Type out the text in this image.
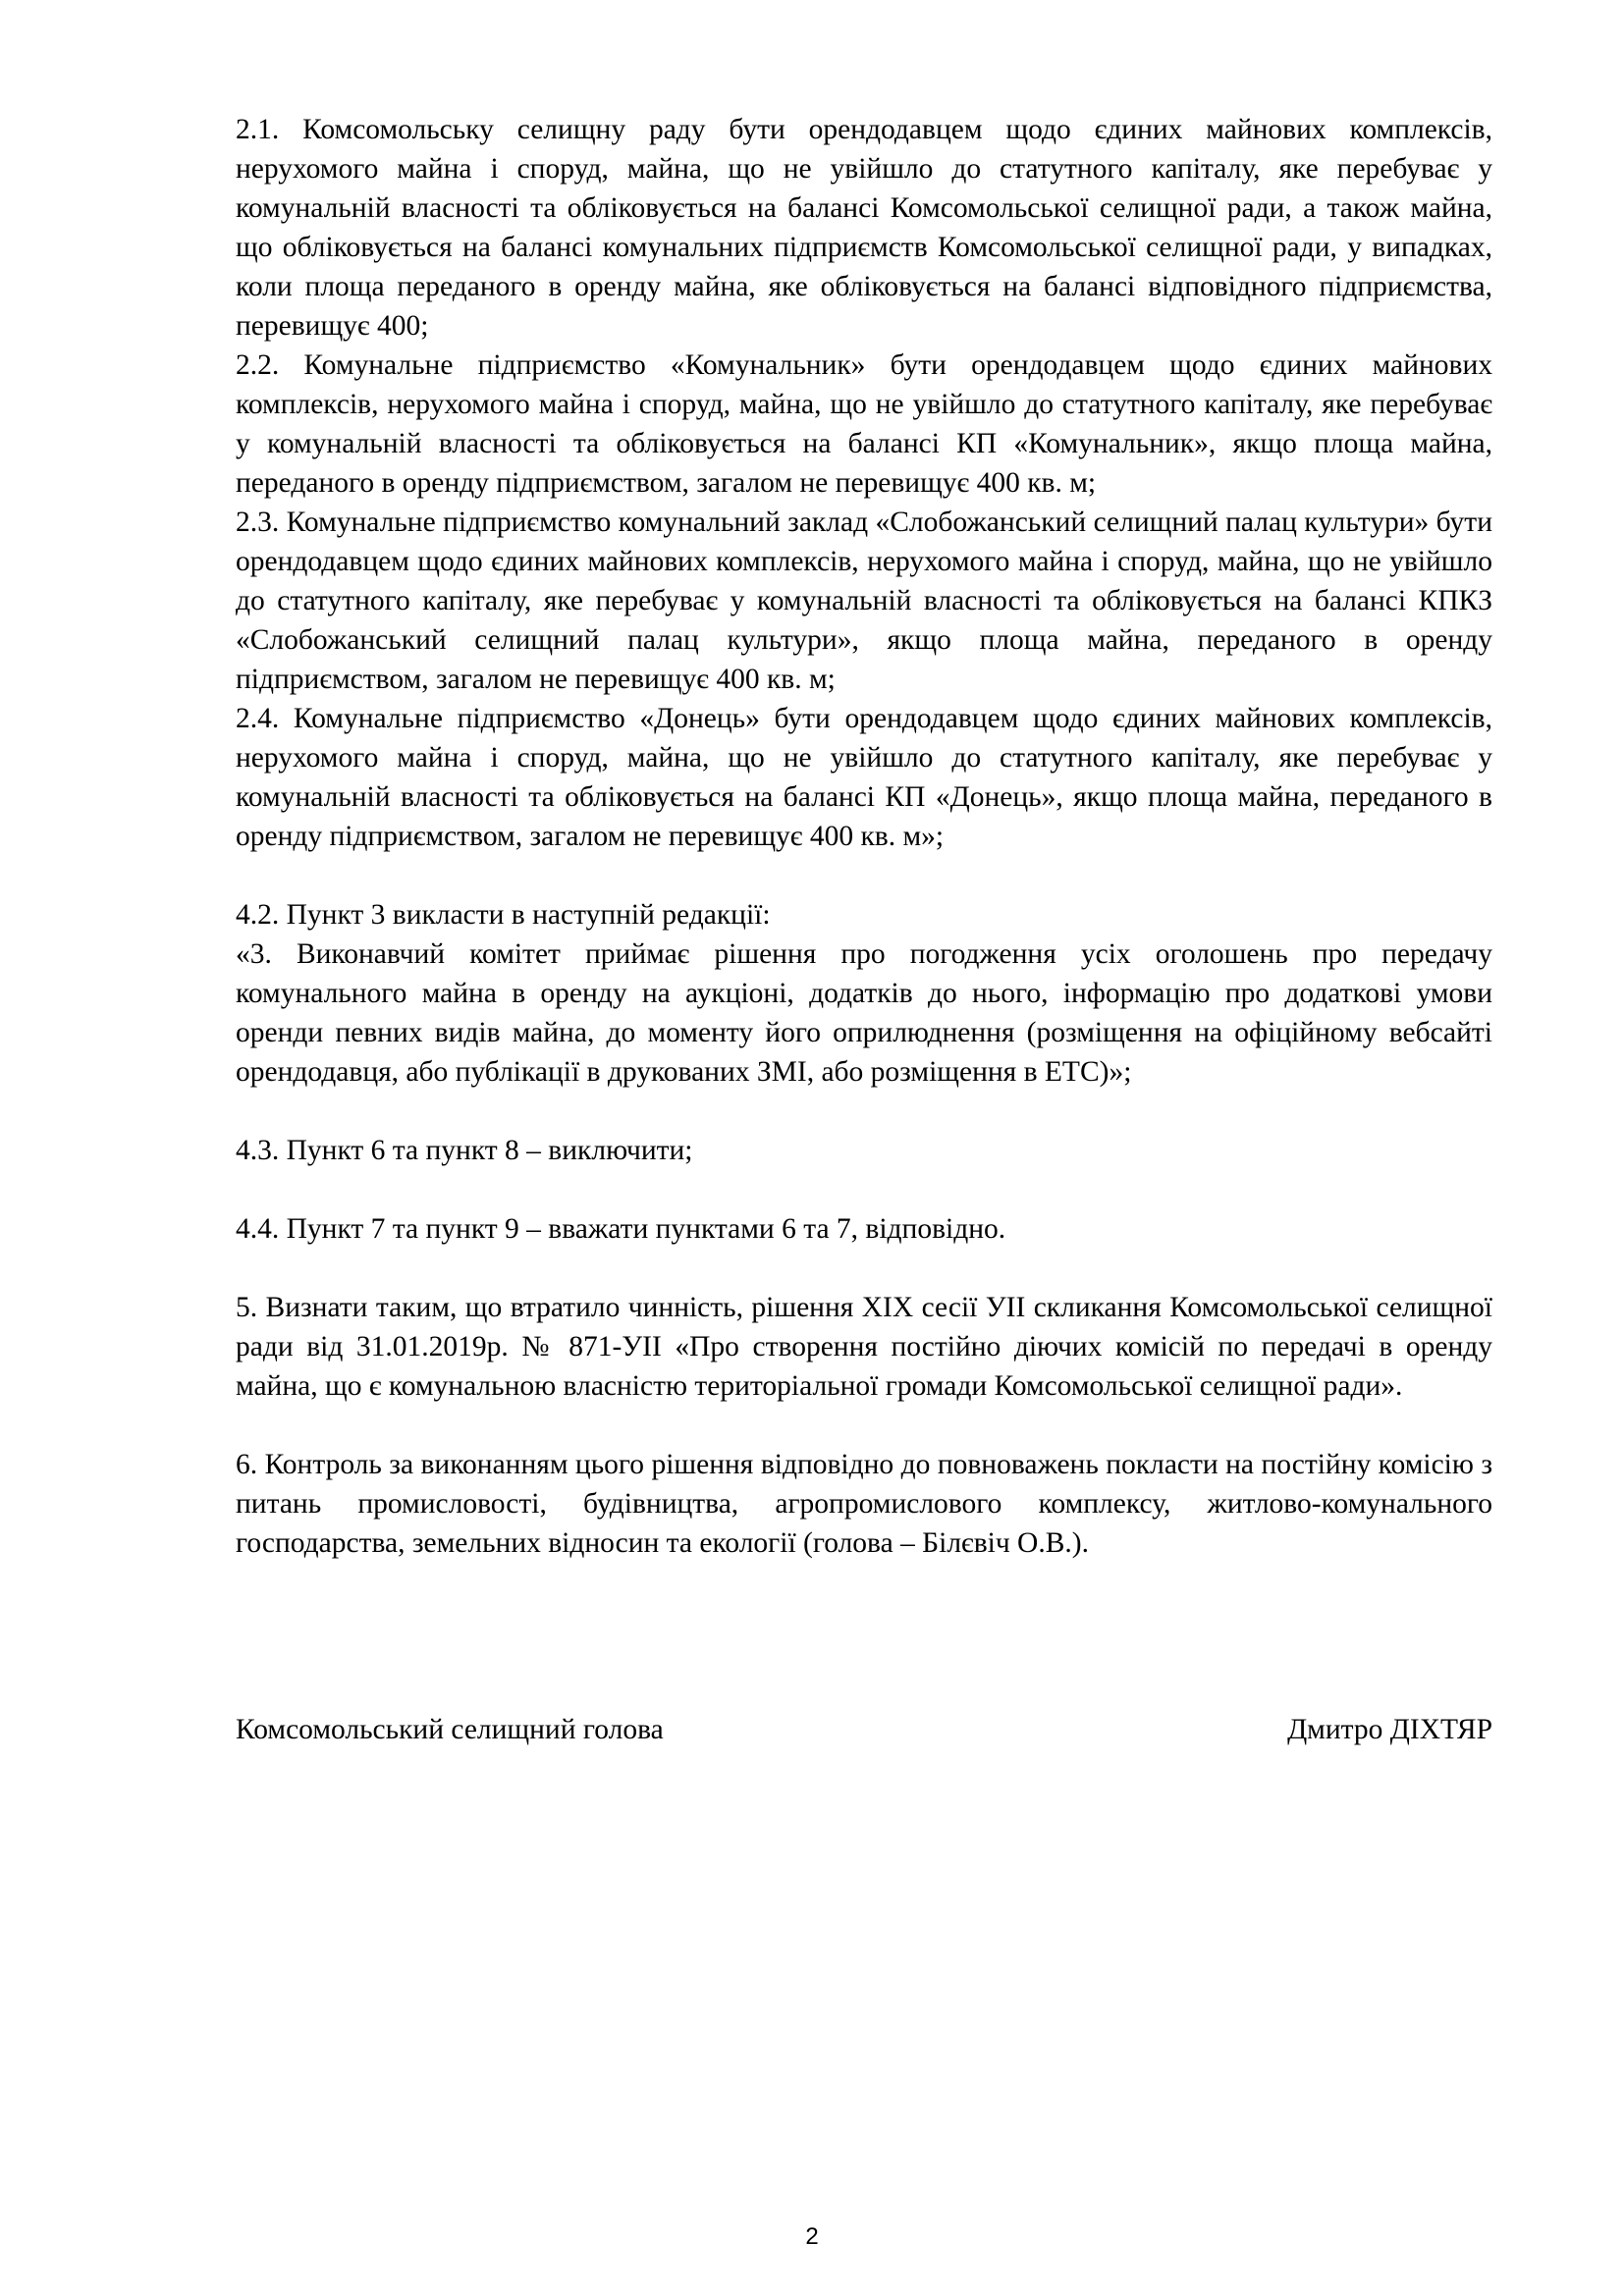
2.1. Комсомольську селищну раду бути орендодавцем щодо єдиних майнових комплексів, нерухомого майна і споруд, майна, що не увійшло до статутного капіталу, яке перебуває у комунальній власності та обліковується на балансі Комсомольської селищної ради, а також майна, що обліковується на балансі комунальних підприємств Комсомольської селищної ради, у випадках, коли площа переданого в оренду майна, яке обліковується на балансі відповідного підприємства, перевищує 400;

2.2. Комунальне підприємство «Комунальник» бути орендодавцем щодо єдиних майнових комплексів, нерухомого майна і споруд, майна, що не увійшло до статутного капіталу, яке перебуває у комунальній власності та обліковується на балансі КП «Комунальник», якщо площа майна, переданого в оренду підприємством, загалом не перевищує 400 кв. м;

2.3. Комунальне підприємство комунальний заклад «Слобожанський селищний палац культури» бути орендодавцем щодо єдиних майнових комплексів, нерухомого майна і споруд, майна, що не увійшло до статутного капіталу, яке перебуває у комунальній власності та обліковується на балансі КПКЗ «Слобожанський селищний палац культури», якщо площа майна, переданого в оренду підприємством, загалом не перевищує 400 кв. м;

2.4. Комунальне підприємство «Донець» бути орендодавцем щодо єдиних майнових комплексів, нерухомого майна і споруд, майна, що не увійшло до статутного капіталу, яке перебуває у комунальній власності та обліковується на балансі КП «Донець», якщо площа майна, переданого в оренду підприємством, загалом не перевищує 400 кв. м»;

4.2. Пункт 3 викласти в наступній редакції:

«3. Виконавчий комітет приймає рішення про погодження усіх оголошень про передачу комунального майна в оренду на аукціоні, додатків до нього, інформацію про додаткові умови оренди певних видів майна, до моменту його оприлюднення (розміщення на офіційному вебсайті орендодавця, або публікації в друкованих ЗМІ, або розміщення в ЕТС)»;

4.3. Пункт 6 та пункт 8 – виключити;

4.4. Пункт 7 та пункт 9 – вважати пунктами 6 та 7, відповідно.

5. Визнати таким, що втратило чинність, рішення XIX сесії УІІ скликання Комсомольської селищної ради від 31.01.2019р. № 871-УІІ «Про створення постійно діючих комісій по передачі в оренду майна, що є комунальною власністю територіальної громади Комсомольської селищної ради».

6. Контроль за виконанням цього рішення відповідно до повноважень покласти на постійну комісію з питань промисловості, будівництва, агропромислового комплексу, житлово-комунального господарства, земельних відносин та екології (голова – Білєвіч О.В.).

Комсомольський селищний голова	Дмитро ДІХТЯР
2
